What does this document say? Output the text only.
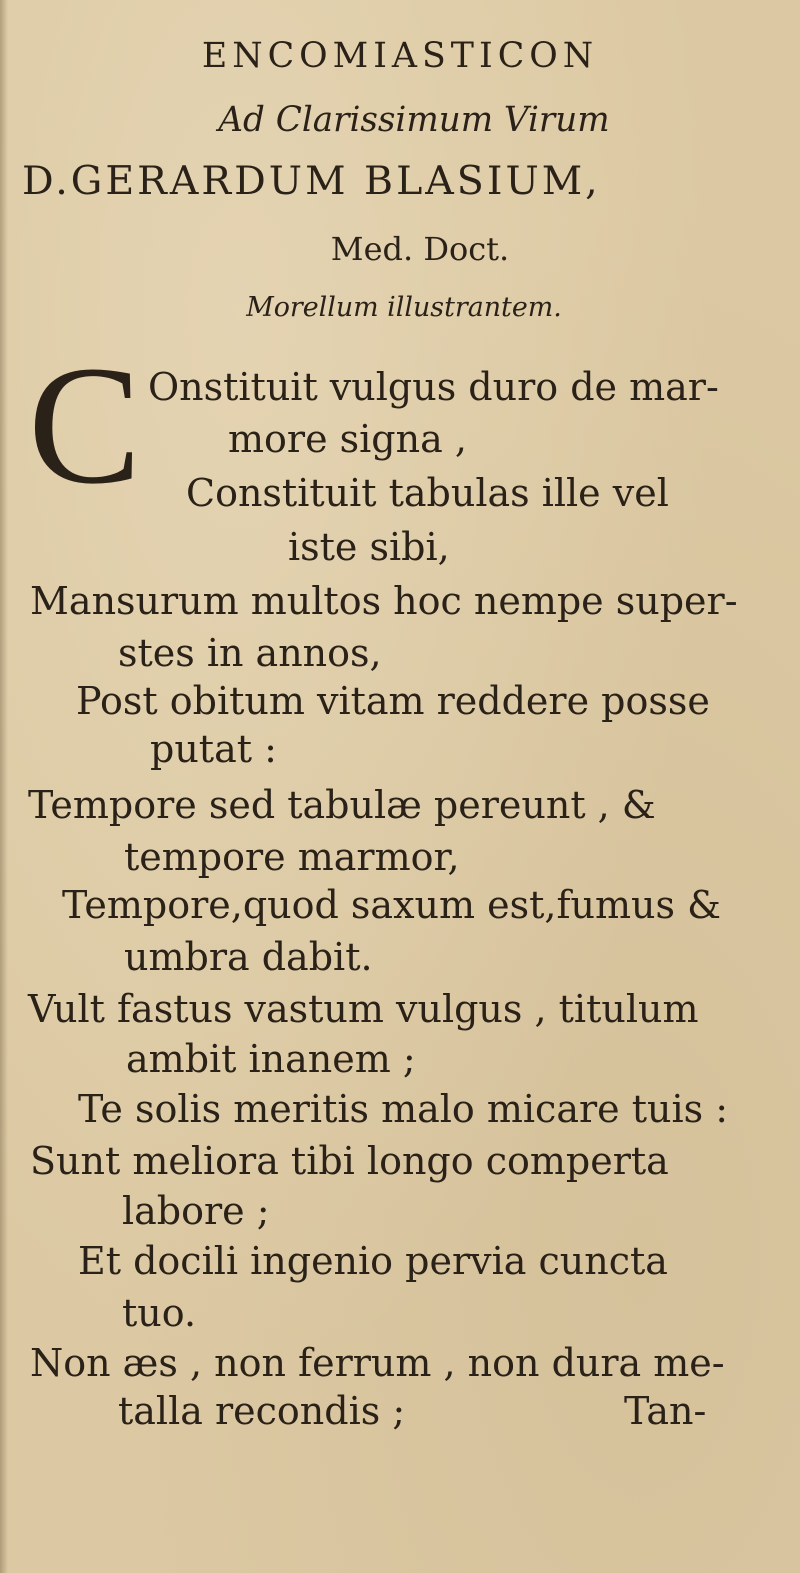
ENCOMIASTICON
Ad Clarissimum Virum
D.GERARDUM BLASIUM,
Med. Doct.
Morellum illustrantem.
C Onstituit vulgus duro de mar-
more signa ,
Constituit tabulas ille vel
iste sibi,
Mansurum multos hoc nempe super-
stes in annos,
Post obitum vitam reddere posse
putat :
Tempore sed tabulæ pereunt , &
tempore marmor,
Tempore,quod saxum est,fumus &
umbra dabit.
Vult fastus vastum vulgus , titulum
ambit inanem ;
Te solis meritis malo micare tuis :
Sunt meliora tibi longo comperta
labore ;
Et docili ingenio pervia cuncta
tuo.
Non æs , non ferrum , non dura me-
talla recondis ;	Tan-
